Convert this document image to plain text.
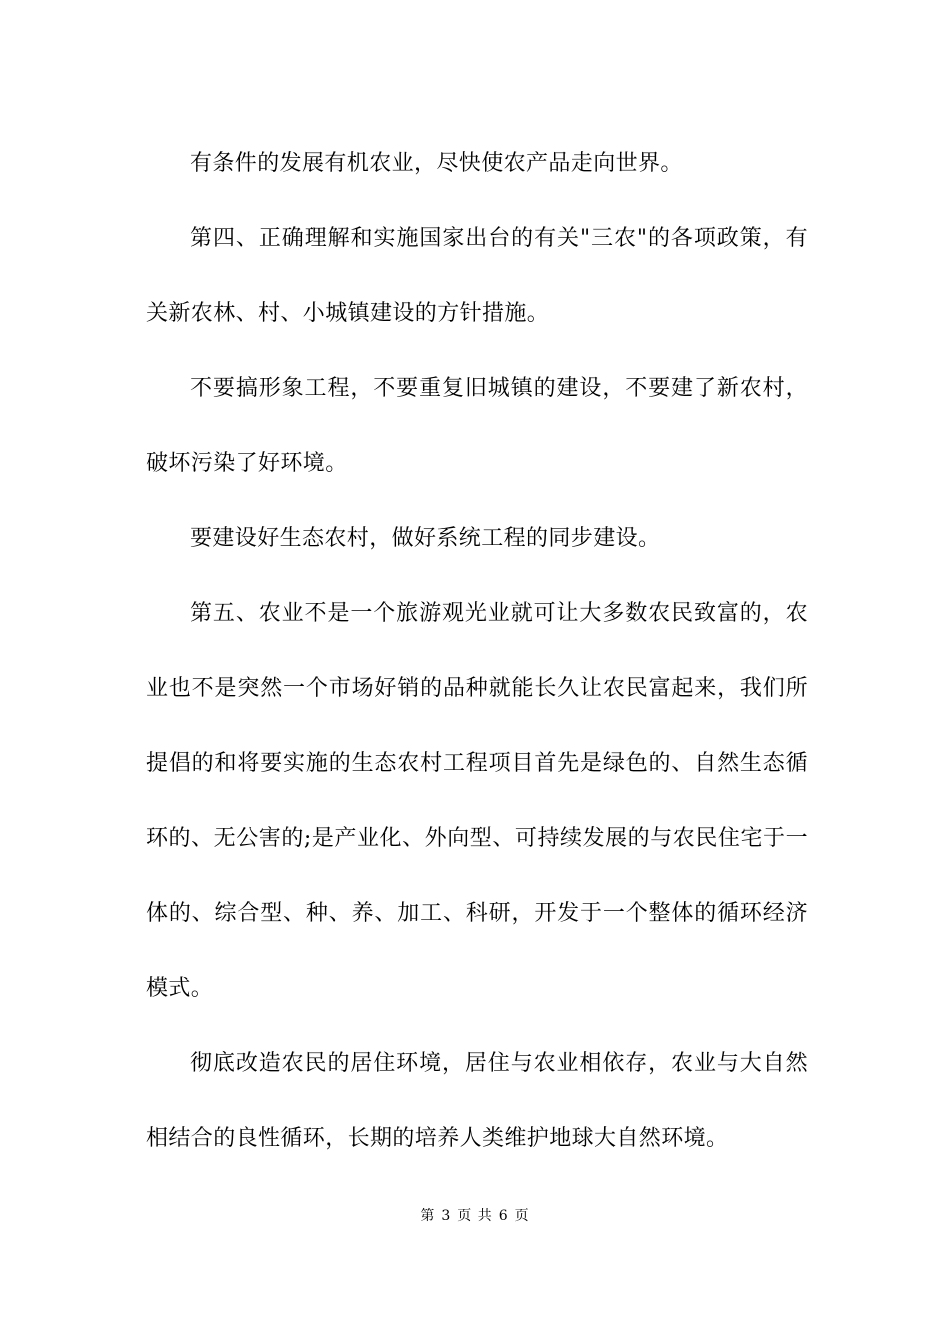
有条件的发展有机农业，尽快使农产品走向世界。

第四、正确理解和实施国家出台的有关"三农"的各项政策，有关新农林、村、小城镇建设的方针措施。

不要搞形象工程，不要重复旧城镇的建设，不要建了新农村，破坏污染了好环境。

要建设好生态农村，做好系统工程的同步建设。

第五、农业不是一个旅游观光业就可让大多数农民致富的，农业也不是突然一个市场好销的品种就能长久让农民富起来，我们所提倡的和将要实施的生态农村工程项目首先是绿色的、自然生态循环的、无公害的;是产业化、外向型、可持续发展的与农民住宅于一体的、综合型、种、养、加工、科研，开发于一个整体的循环经济模式。

彻底改造农民的居住环境，居住与农业相依存，农业与大自然相结合的良性循环，长期的培养人类维护地球大自然环境。

第 3 页 共 6 页
